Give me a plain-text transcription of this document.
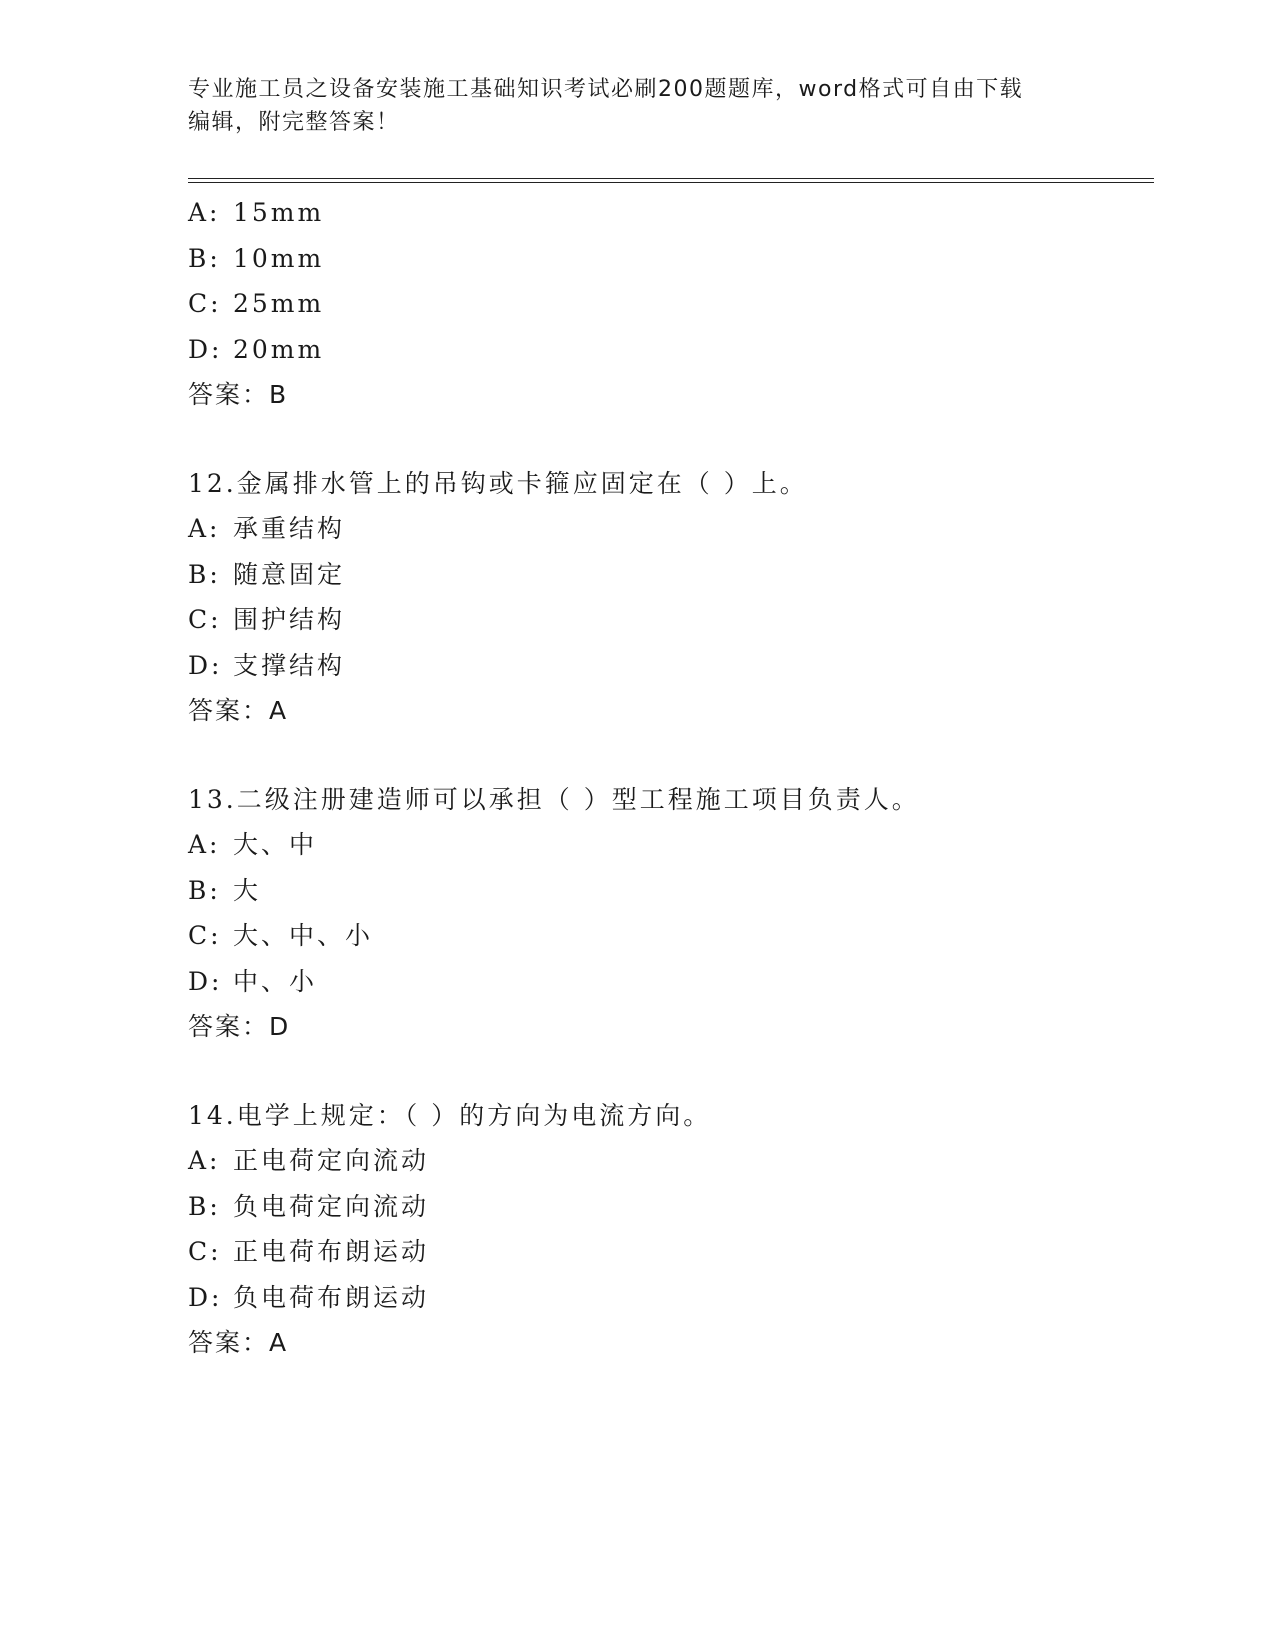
专业施工员之设备安装施工基础知识考试必刷200题题库，word格式可自由下载
编辑，附完整答案！
A: 15mm
B: 10mm
C: 25mm
D: 20mm
答案：B
12.金属排水管上的吊钩或卡箍应固定在（ ）上。
A: 承重结构
B: 随意固定
C: 围护结构
D: 支撑结构
答案：A
13.二级注册建造师可以承担（ ）型工程施工项目负责人。
A: 大、中
B: 大
C: 大、中、小
D: 中、小
答案：D
14.电学上规定：（ ）的方向为电流方向。
A: 正电荷定向流动
B: 负电荷定向流动
C: 正电荷布朗运动
D: 负电荷布朗运动
答案：A
